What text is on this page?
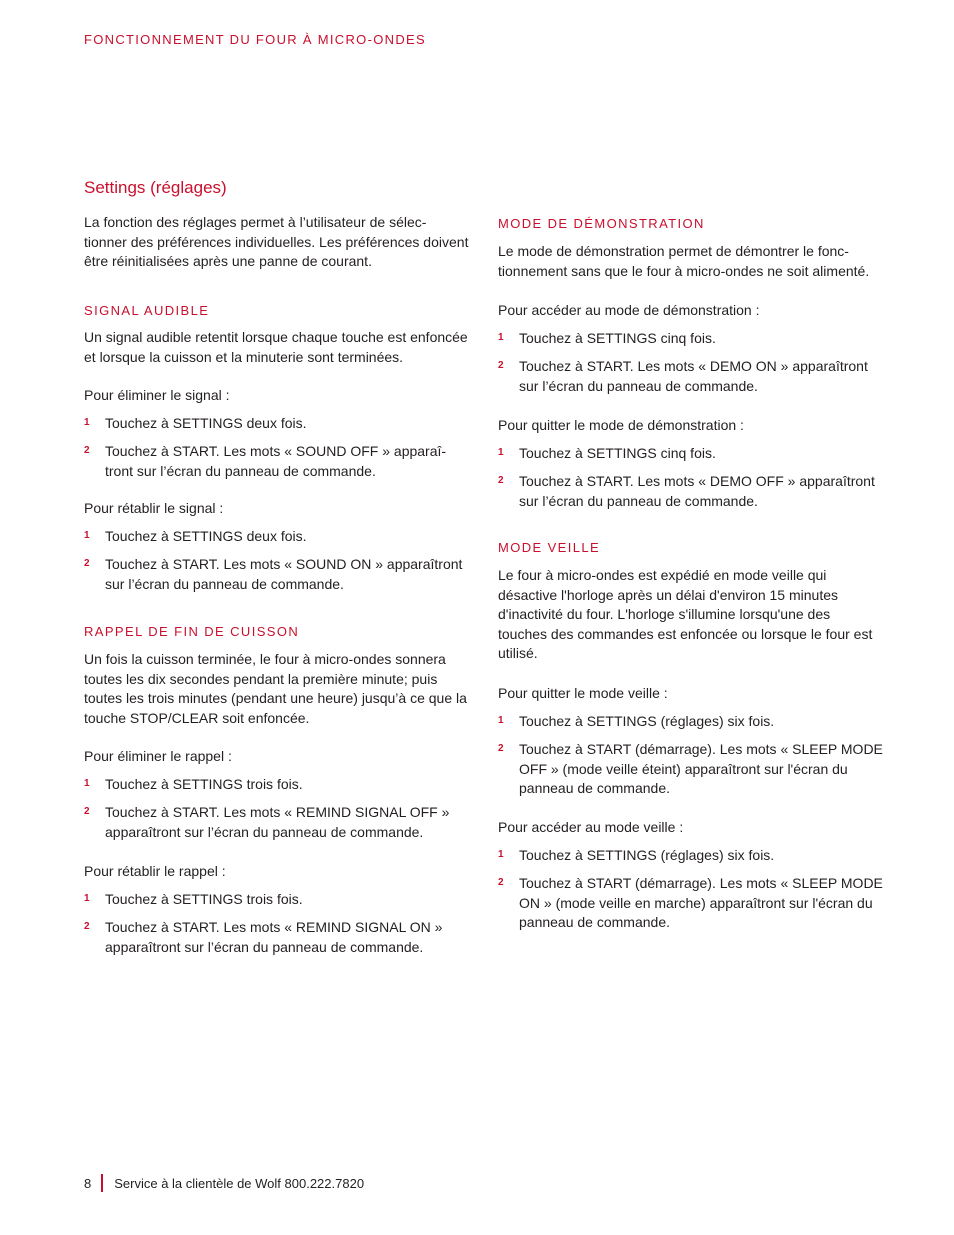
FONCTIONNEMENT DU FOUR À MICRO-ONDES
Settings (réglages)

La fonction des réglages permet à l’utilisateur de sélec-tionner des préférences individuelles. Les préférences doivent être réinitialisées après une panne de courant.

SIGNAL AUDIBLE

Un signal audible retentit lorsque chaque touche est enfoncée et lorsque la cuisson et la minuterie sont terminées.

Pour éliminer le signal :
1 Touchez à SETTINGS deux fois.
2 Touchez à START. Les mots « SOUND OFF » apparaî-tront sur l’écran du panneau de commande.
Pour rétablir le signal :
1 Touchez à SETTINGS deux fois.
2 Touchez à START. Les mots « SOUND ON » apparaîtront sur l’écran du panneau de commande.
RAPPEL DE FIN DE CUISSON

Un fois la cuisson terminée, le four à micro-ondes sonnera toutes les dix secondes pendant la première minute; puis toutes les trois minutes (pendant une heure) jusqu’à ce que la touche STOP/CLEAR soit enfoncée.

Pour éliminer le rappel :
1 Touchez à SETTINGS trois fois.
2 Touchez à START. Les mots « REMIND SIGNAL OFF » apparaîtront sur l’écran du panneau de commande.
Pour rétablir le rappel :
1 Touchez à SETTINGS trois fois.
2 Touchez à START. Les mots « REMIND SIGNAL ON » apparaîtront sur l’écran du panneau de commande.
MODE DE DÉMONSTRATION

Le mode de démonstration permet de démontrer le fonc-tionnement sans que le four à micro-ondes ne soit alimenté.

Pour accéder au mode de démonstration :
1 Touchez à SETTINGS cinq fois.
2 Touchez à START. Les mots « DEMO ON » apparaîtront sur l’écran du panneau de commande.
Pour quitter le mode de démonstration :
1 Touchez à SETTINGS cinq fois.
2 Touchez à START. Les mots « DEMO OFF » apparaîtront sur l’écran du panneau de commande.
MODE VEILLE

Le four à micro-ondes est expédié en mode veille qui désactive l'horloge après un délai d'environ 15 minutes d'inactivité du four. L'horloge s'illumine lorsqu'une des touches des commandes est enfoncée ou lorsque le four est utilisé.

Pour quitter le mode veille :
1 Touchez à SETTINGS (réglages) six fois.
2 Touchez à START (démarrage). Les mots « SLEEP MODE OFF » (mode veille éteint) apparaîtront sur l'écran du panneau de commande.
Pour accéder au mode veille :
1 Touchez à SETTINGS (réglages) six fois.
2 Touchez à START (démarrage). Les mots « SLEEP MODE ON » (mode veille en marche) apparaîtront sur l'écran du panneau de commande.
8 Service à la clientèle de Wolf 800.222.7820
